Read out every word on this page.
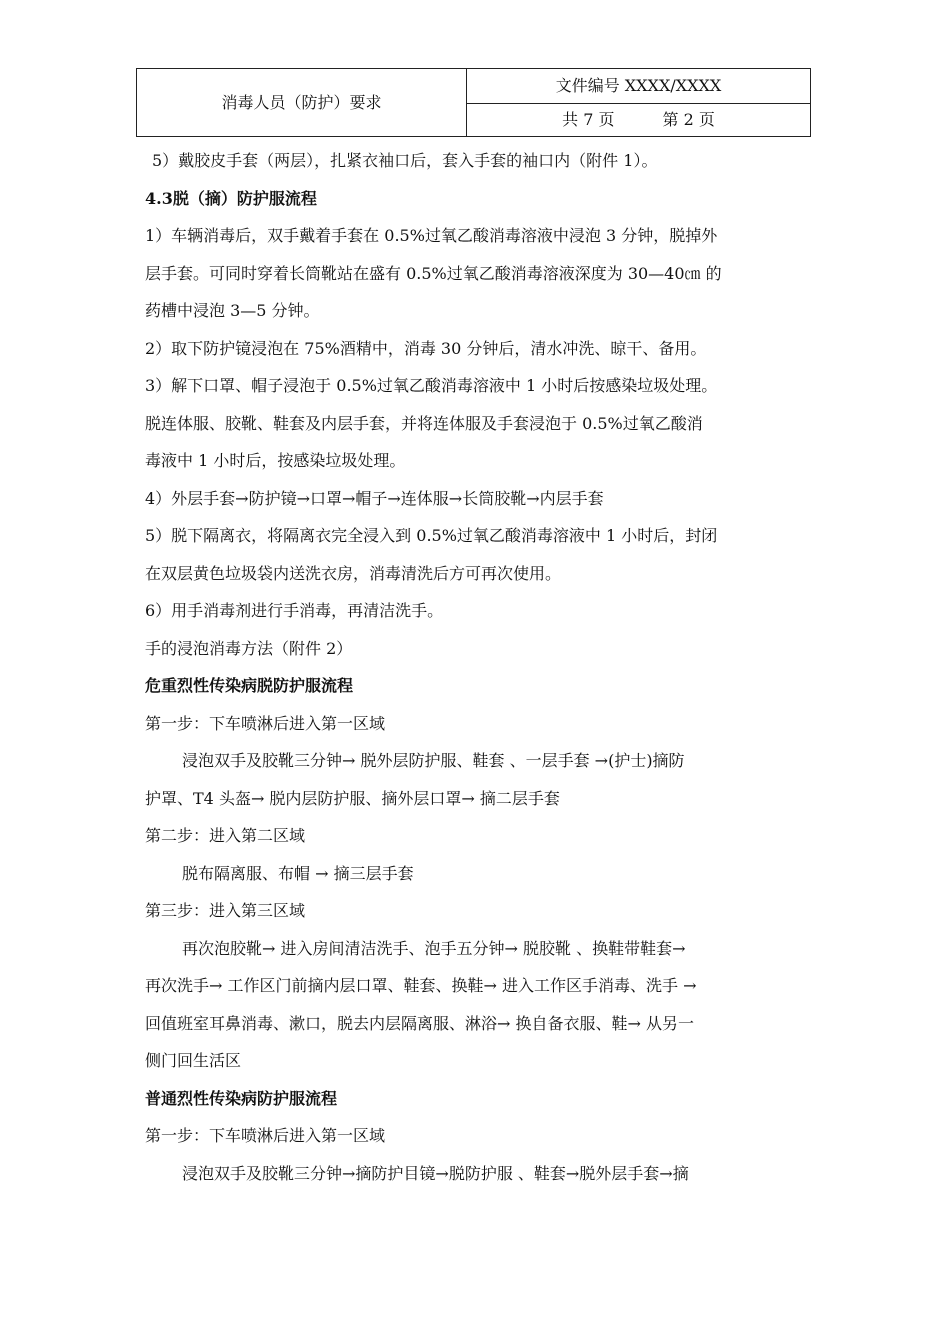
消毒人员（防护）要求	文件编号 XXXX/XXXX
共 7 页	第 2 页
5）戴胶皮手套（两层），扎紧衣袖口后，套入手套的袖口内（附件 1）。
4.3脱（摘）防护服流程
1）车辆消毒后，双手戴着手套在 0.5%过氧乙酸消毒溶液中浸泡 3 分钟，脱掉外
层手套。可同时穿着长筒靴站在盛有 0.5%过氧乙酸消毒溶液深度为 30—40㎝ 的
药槽中浸泡 3—5 分钟。
2）取下防护镜浸泡在 75%酒精中，消毒 30 分钟后，清水冲洗、晾干、备用。
3）解下口罩、帽子浸泡于 0.5%过氧乙酸消毒溶液中 1 小时后按感染垃圾处理。
脱连体服、胶靴、鞋套及内层手套，并将连体服及手套浸泡于 0.5%过氧乙酸消
毒液中 1 小时后，按感染垃圾处理。
4）外层手套→防护镜→口罩→帽子→连体服→长筒胶靴→内层手套
5）脱下隔离衣，将隔离衣完全浸入到 0.5%过氧乙酸消毒溶液中 1 小时后，封闭
在双层黄色垃圾袋内送洗衣房，消毒清洗后方可再次使用。
6）用手消毒剂进行手消毒，再清洁洗手。
手的浸泡消毒方法（附件 2）
危重烈性传染病脱防护服流程
第一步：下车喷淋后进入第一区域
浸泡双手及胶靴三分钟→ 脱外层防护服、鞋套 、一层手套 →(护士)摘防
护罩、T4 头盔→ 脱内层防护服、摘外层口罩→ 摘二层手套
第二步：进入第二区域
脱布隔离服、布帽 → 摘三层手套
第三步：进入第三区域
再次泡胶靴→ 进入房间清洁洗手、泡手五分钟→ 脱胶靴 、换鞋带鞋套→
再次洗手→ 工作区门前摘内层口罩、鞋套、换鞋→ 进入工作区手消毒、洗手 →
回值班室耳鼻消毒、漱口，脱去内层隔离服、淋浴→ 换自备衣服、鞋→ 从另一
侧门回生活区
普通烈性传染病防护服流程
第一步：下车喷淋后进入第一区域
浸泡双手及胶靴三分钟→摘防护目镜→脱防护服 、鞋套→脱外层手套→摘
